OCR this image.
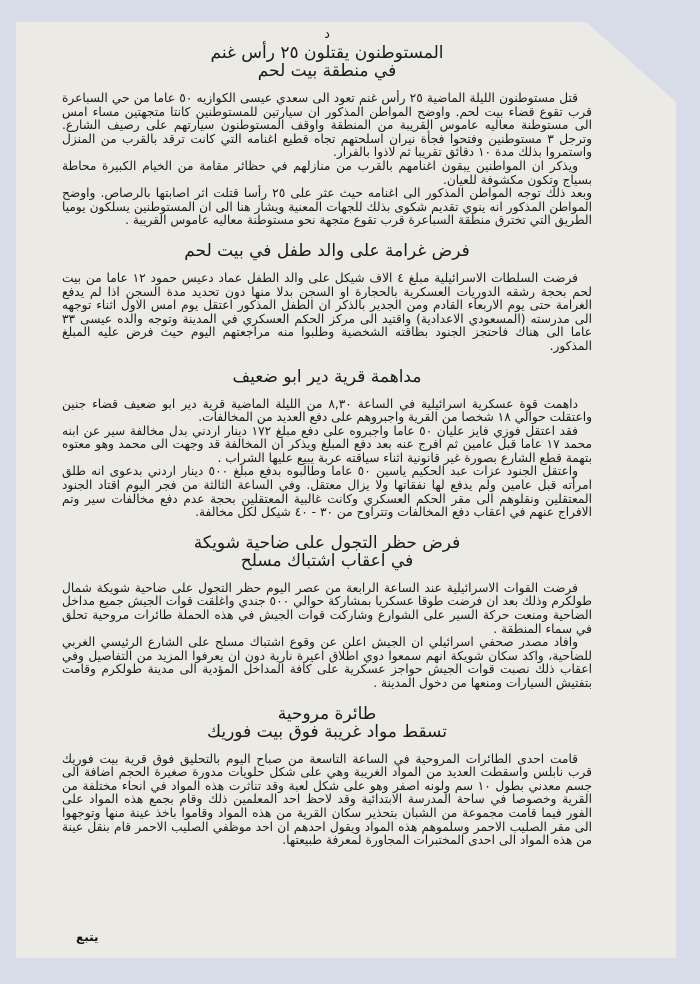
د
المستوطنون يقتلون ٢٥ رأس غنم
في منطقة بيت لحم

قتل مستوطنون الليلة الماضية ٢٥ رأس غنم تعود الى سعدي عيسى الكوازيه ٥٠ عاما من حي السباعرة قرب تقوع قضاء بيت لحم. واوضح المواطن المذكور ان سيارتين للمستوطنين كانتا متجهتين مساء امس الى مستوطنة معاليه عاموس القريبة من المنطقة واوقف المستوطنون سيارتهم على رصيف الشارع. وترجل ٣ مستوطنين وفتحوا فجأة نيران اسلحتهم تجاه قطيع اغنامه التي كانت ترقد بالقرب من المنزل واستمروا بذلك مدة ١٠ دقائق تقريبا ثم لاذوا بالفرار.

ويذكر ان المواطنين يبقون اغنامهم بالقرب من منازلهم في حظائر مقامة من الخيام الكبيرة محاطة بسياج وتكون مكشوفة للعيان.

وبعد ذلك توجه المواطن المذكور الى اغنامه حيث عثر على ٢٥ رأسا قتلت اثر اصابتها بالرصاص. واوضح المواطن المذكور انه ينوي تقديم شكوى بذلك للجهات المعنية ويشار هنا الى ان المستوطنين يسلكون يوميا الطريق التي تخترق منطقة السباعرة قرب تقوع متجهة نحو مستوطنة معاليه عاموس القريبة .

فرض غرامة على والد طفل في بيت لحم

فرضت السلطات الاسرائيلية مبلغ ٤ الاف شيكل على والد الطفل عماد دعيس حمود ١٢ عاما من بيت لحم بحجة رشقه الدوريات العسكرية بالحجارة او السجن بدلا منها دون تحديد مدة السجن اذا لم يدفع الغرامة حتى يوم الاربعاء القادم ومن الجدير بالذكر ان الطفل المذكور اعتقل يوم امس الاول اثناء توجهه الى مدرسته (المسعودي الاعدادية) واقتيد الى مركز الحكم العسكري في المدينة وتوجه والده عيسى ٣٣ عاما الى هناك فاحتجز الجنود بطاقته الشخصية وطلبوا منه مراجعتهم اليوم حيث فرض عليه المبلغ المذكور.

مداهمة قرية دير ابو ضعيف

داهمت قوة عسكرية اسرائيلية في الساعة ٨,٣٠ من الليلة الماضية قرية دير ابو ضعيف قضاء جنين واعتقلت حوالي ١٨ شخصا من القرية واجبروهم على دفع العديد من المخالفات.

فقد اعتقل فوزي فايز عليان ٥٠ عاما واجبروه على دفع مبلغ ١٧٢ دينار اردني بدل مخالفة سير عن ابنه محمد ١٧ عاما قبل عامين ثم افرج عنه بعد دفع المبلغ ويذكر ان المخالفة قد وجهت الى محمد وهو معتوه بتهمة قطع الشارع بصورة غير قانونية اثناء سياقته عربة يبيع عليها الشراب .

واعتقل الجنود عزات عبد الحكيم ياسين ٥٠ عاما وطالبوه بدفع مبلغ ٥٠٠ دينار اردني بدعوى انه طلق امرأته قبل عامين ولم يدفع لها نفقاتها ولا يزال معتقل. وفي الساعة الثالثة من فجر اليوم اقتاد الجنود المعتقلين ونقلوهم الى مقر الحكم العسكري وكانت غالبية المعتقلين بحجة عدم دفع مخالفات سير وتم الافراج عنهم في اعقاب دفع المخالفات وتتراوح من ٣٠ - ٤٠ شيكل لكل مخالفة.

فرض حظر التجول على ضاحية شويكة
في اعقاب اشتباك مسلح

فرضت القوات الاسرائيلية عند الساعة الرابعة من عصر اليوم حظر التجول على ضاحية شويكة شمال طولكرم وذلك بعد ان فرضت طوقا عسكريا بمشاركة حوالي ٥٠٠ جندي واغلقت قوات الجيش جميع مداخل الضاحية ومنعت حركة السير على الشوارع وشاركت قوات الجيش في هذه الحملة طائرات مروحية تحلق في سماء المنطقة .

وافاد مصدر صحفي اسرائيلي ان الجيش اعلن عن وقوع اشتباك مسلح على الشارع الرئيسي الغربي للضاحية، واكد سكان شويكة انهم سمعوا دوي اطلاق اعيرة نارية دون ان يعرفوا المزيد من التفاصيل وفي اعقاب ذلك نصبت قوات الجيش حواجز عسكرية على كافة المداخل المؤدية الى مدينة طولكرم وقامت بتفتيش السيارات ومنعها من دخول المدينة .

طائرة مروحية
تسقط مواد غريبة فوق بيت فوريك

قامت احدى الطائرات المروحية في الساعة التاسعة من صباح اليوم بالتحليق فوق قرية بيت فوريك قرب نابلس واسقطت العديد من المواد الغريبة وهي على شكل حلويات مدورة صغيرة الحجم اضافة الى جسم معدني بطول ١٠ سم ولونه اصفر وهو على شكل لعبة وقد تناثرت هذه المواد في انحاء مختلفة من القرية وخصوصا في ساحة المدرسة الابتدائية وقد لاحظ احد المعلمين ذلك وقام بجمع هذه المواد على الفور فيما قامت مجموعة من الشبان بتحذير سكان القرية من هذه المواد وقاموا باخذ عينة منها وتوجهوا الى مقر الصليب الاحمر وسلموهم هذه المواد ويقول احدهم ان احد موظفي الصليب الاحمر قام بنقل عينة من هذه المواد الى احدى المختبرات المجاورة لمعرفة طبيعتها.

يتبع
